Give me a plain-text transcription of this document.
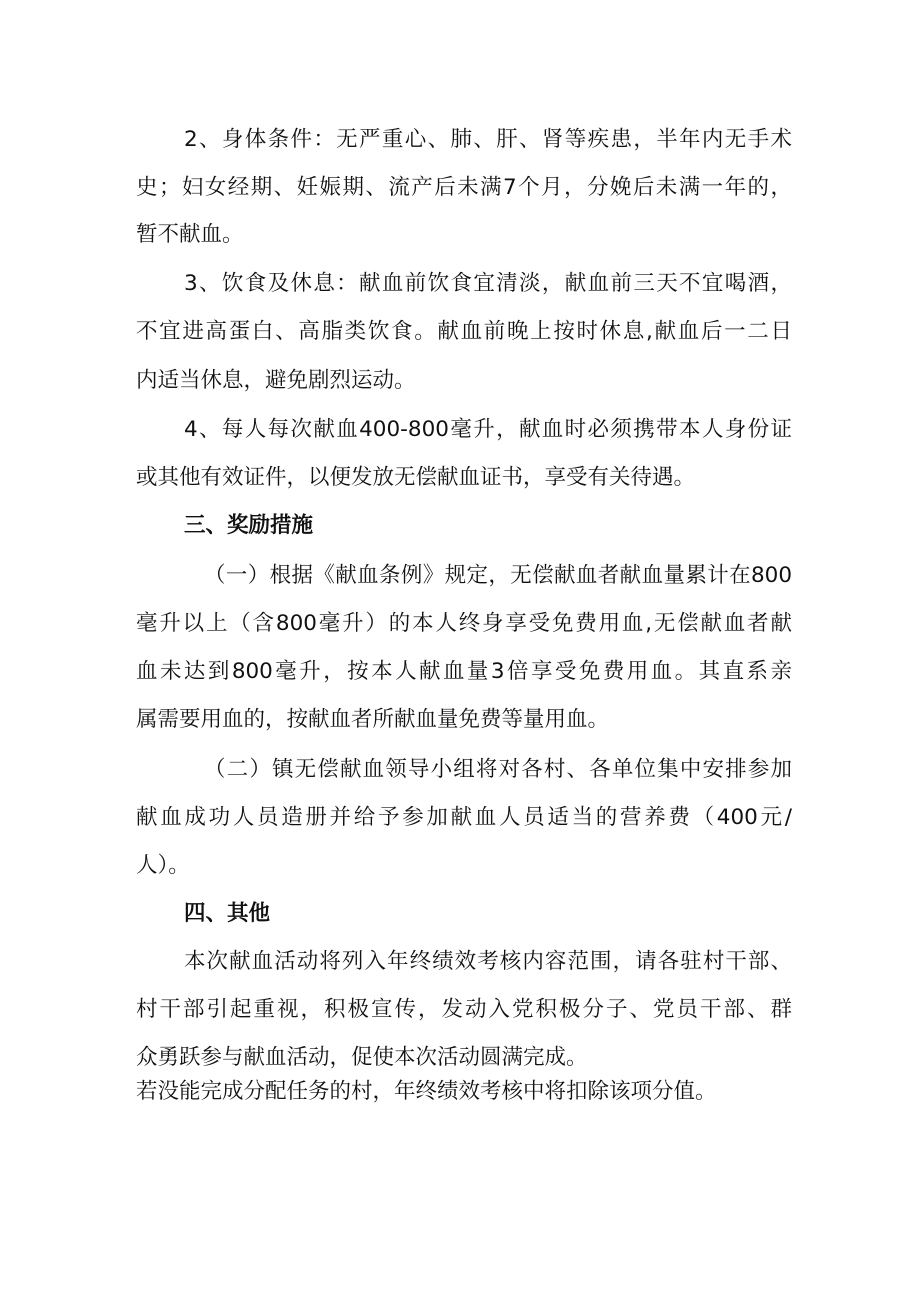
2、身体条件：无严重心、肺、肝、肾等疾患，半年内无手术
史；妇女经期、妊娠期、流产后未满7个月，分娩后未满一年的，
暂不献血。
3、饮食及休息：献血前饮食宜清淡，献血前三天不宜喝酒，
不宜进高蛋白、高脂类饮食。献血前晚上按时休息,献血后一二日
内适当休息，避免剧烈运动。
4、每人每次献血400-800毫升，献血时必须携带本人身份证
或其他有效证件，以便发放无偿献血证书，享受有关待遇。
三、奖励措施
（一）根据《献血条例》规定，无偿献血者献血量累计在800
毫升以上（含800毫升）的本人终身享受免费用血,无偿献血者献
血未达到800毫升，按本人献血量3倍享受免费用血。其直系亲
属需要用血的，按献血者所献血量免费等量用血。
（二）镇无偿献血领导小组将对各村、各单位集中安排参加
献血成功人员造册并给予参加献血人员适当的营养费（400元/
人）。
四、其他
本次献血活动将列入年终绩效考核内容范围，请各驻村干部、
村干部引起重视，积极宣传，发动入党积极分子、党员干部、群
众勇跃参与献血活动，促使本次活动圆满完成。
若没能完成分配任务的村，年终绩效考核中将扣除该项分值。
